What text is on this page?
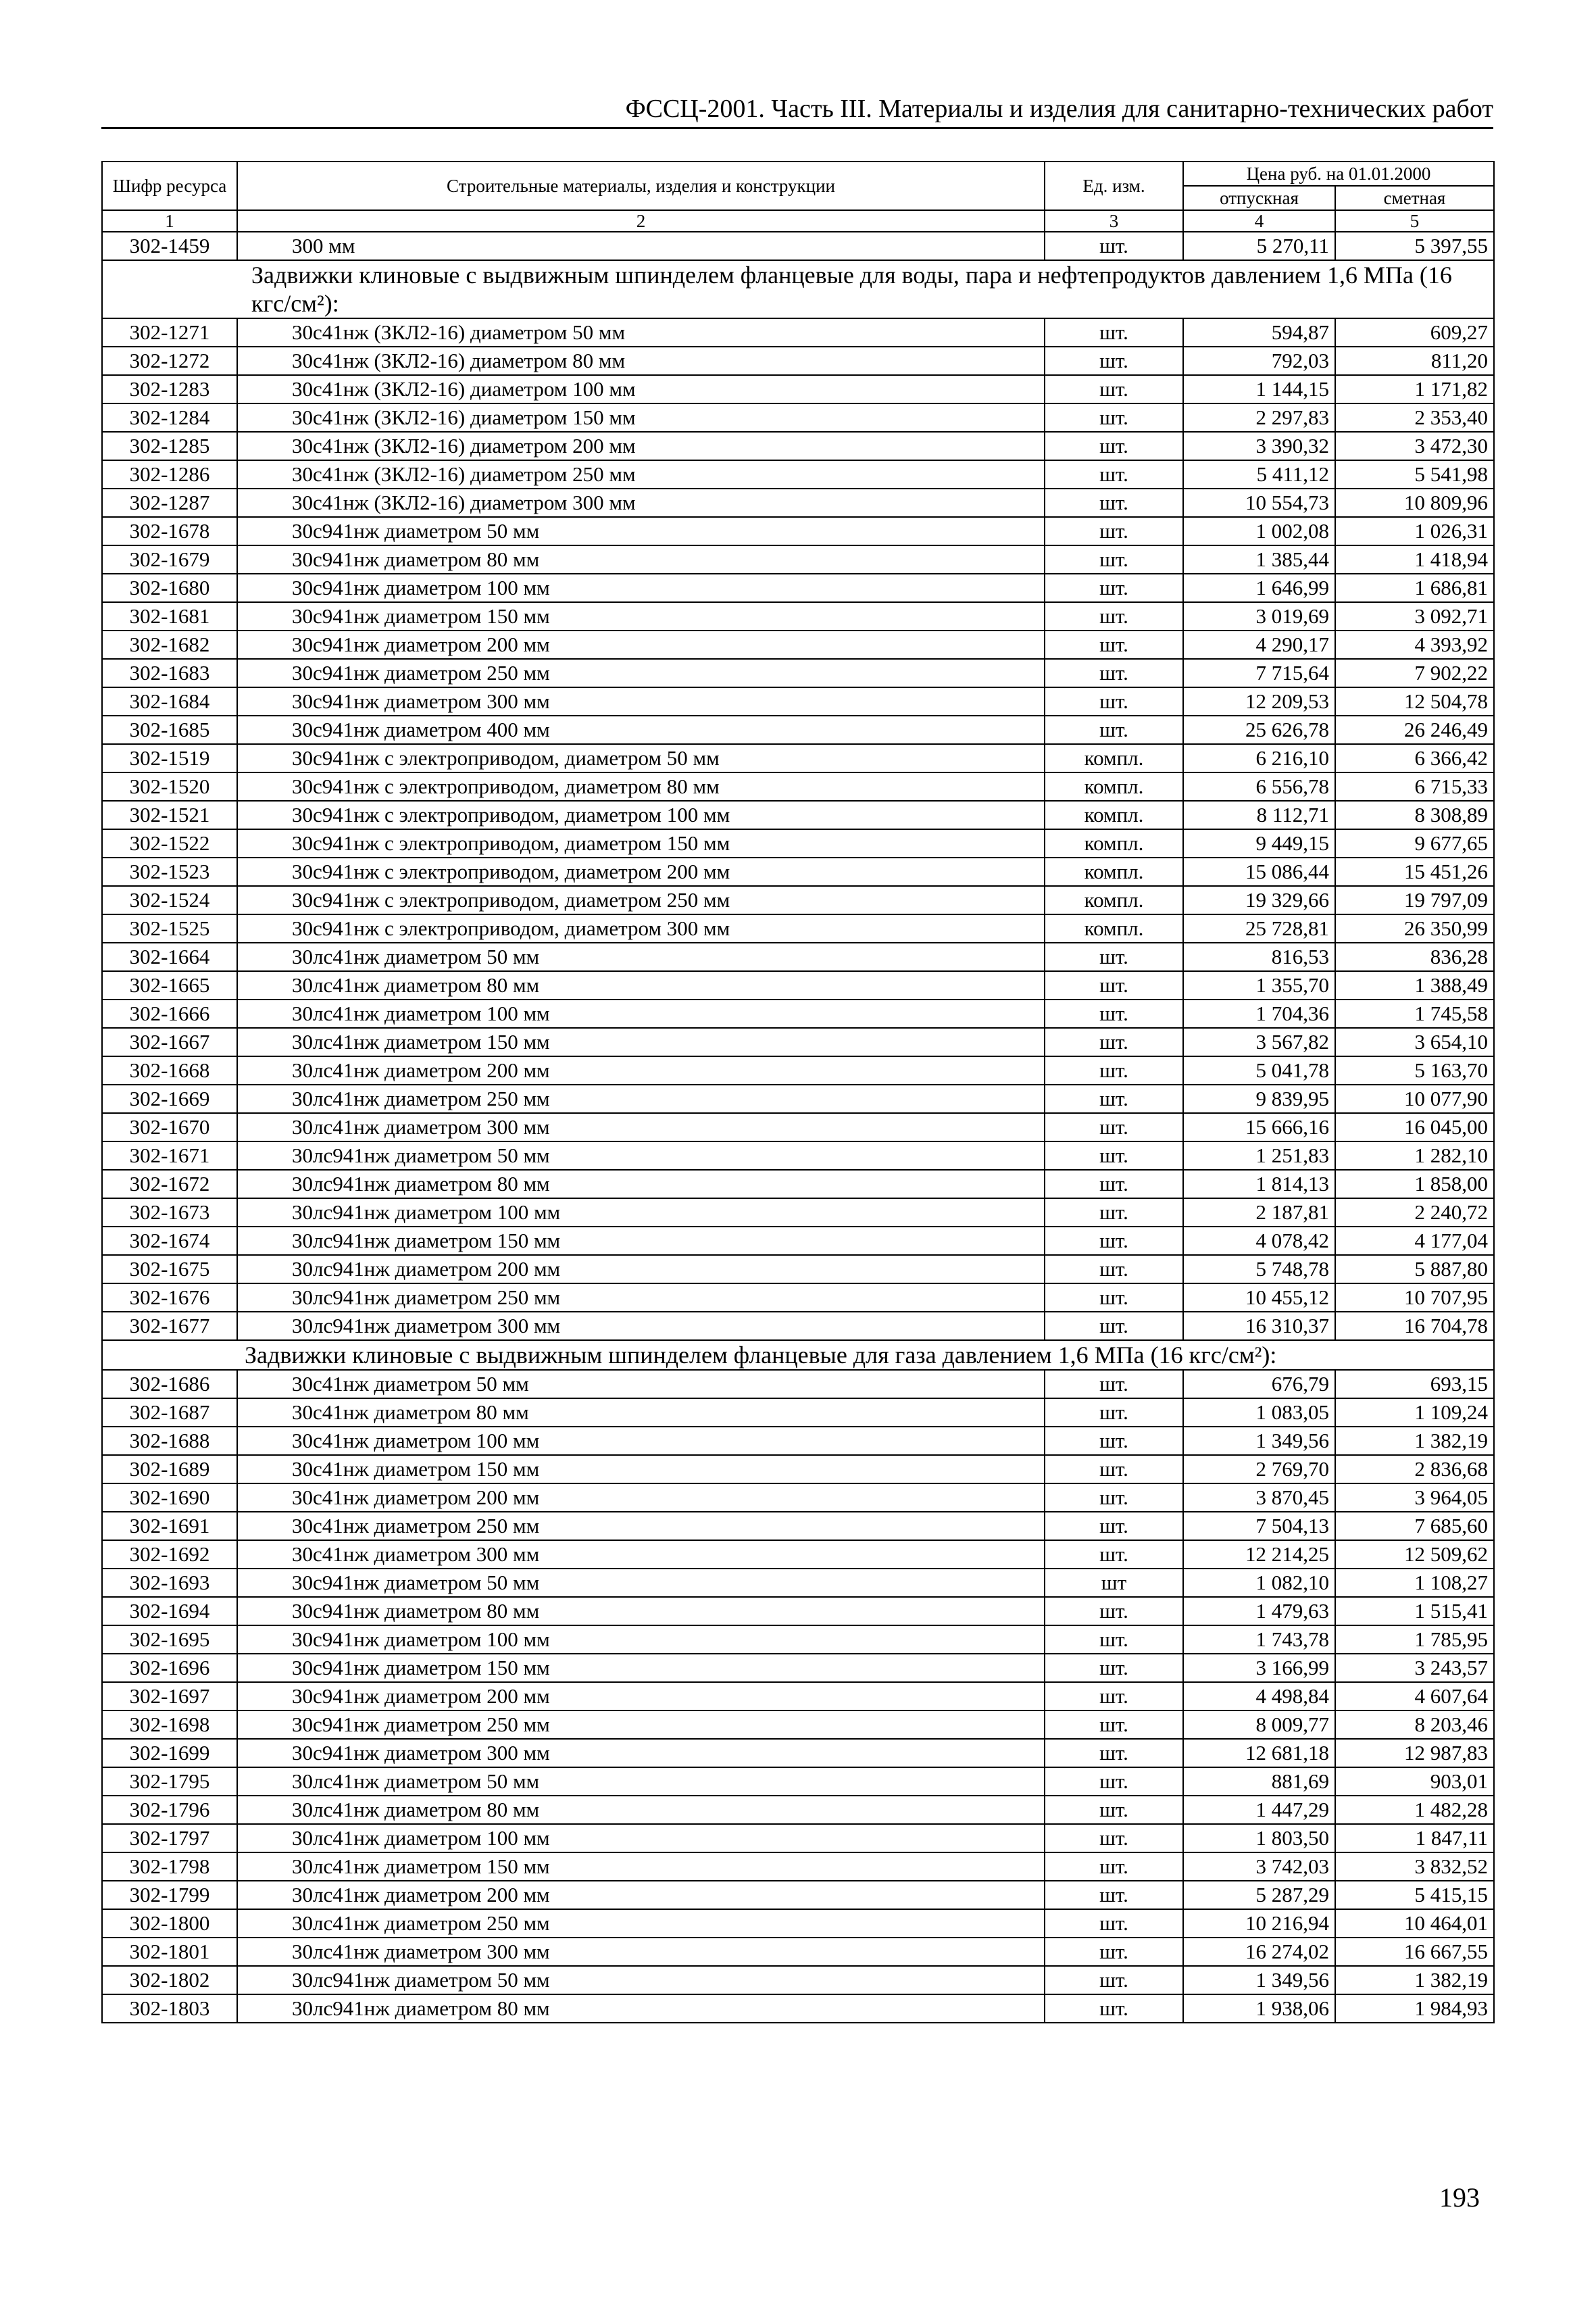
ФССЦ-2001. Часть III. Материалы и изделия для санитарно-технических работ
Шифр ресурса	Строительные материалы, изделия и конструкции	Ед. изм.	Цена руб. на 01.01.2000	
			отпускная	сметная
1	2	3	4	5
302-1459	300 мм	шт.	5 270,11	5 397,55
Задвижки клиновые с выдвижным шпинделем фланцевые для воды, пара и нефтепродуктов давлением 1,6 МПа (16 кгс/см²):				
302-1271	30с41нж (ЗКЛ2-16) диаметром 50 мм	шт.	594,87	609,27
302-1272	30с41нж (ЗКЛ2-16) диаметром 80 мм	шт.	792,03	811,20
302-1283	30с41нж (ЗКЛ2-16) диаметром 100 мм	шт.	1 144,15	1 171,82
302-1284	30с41нж (ЗКЛ2-16) диаметром 150 мм	шт.	2 297,83	2 353,40
302-1285	30с41нж (ЗКЛ2-16) диаметром 200 мм	шт.	3 390,32	3 472,30
302-1286	30с41нж (ЗКЛ2-16) диаметром 250 мм	шт.	5 411,12	5 541,98
302-1287	30с41нж (ЗКЛ2-16) диаметром 300 мм	шт.	10 554,73	10 809,96
302-1678	30с941нж диаметром 50 мм	шт.	1 002,08	1 026,31
302-1679	30с941нж диаметром 80 мм	шт.	1 385,44	1 418,94
302-1680	30с941нж диаметром 100 мм	шт.	1 646,99	1 686,81
302-1681	30с941нж диаметром 150 мм	шт.	3 019,69	3 092,71
302-1682	30с941нж диаметром 200 мм	шт.	4 290,17	4 393,92
302-1683	30с941нж диаметром 250 мм	шт.	7 715,64	7 902,22
302-1684	30с941нж диаметром 300 мм	шт.	12 209,53	12 504,78
302-1685	30с941нж диаметром 400 мм	шт.	25 626,78	26 246,49
302-1519	30с941нж с электроприводом, диаметром 50 мм	компл.	6 216,10	6 366,42
302-1520	30с941нж с электроприводом, диаметром 80 мм	компл.	6 556,78	6 715,33
302-1521	30с941нж с электроприводом, диаметром 100 мм	компл.	8 112,71	8 308,89
302-1522	30с941нж с электроприводом, диаметром 150 мм	компл.	9 449,15	9 677,65
302-1523	30с941нж с электроприводом, диаметром 200 мм	компл.	15 086,44	15 451,26
302-1524	30с941нж с электроприводом, диаметром 250 мм	компл.	19 329,66	19 797,09
302-1525	30с941нж с электроприводом, диаметром 300 мм	компл.	25 728,81	26 350,99
302-1664	30лс41нж диаметром 50 мм	шт.	816,53	836,28
302-1665	30лс41нж диаметром 80 мм	шт.	1 355,70	1 388,49
302-1666	30лс41нж диаметром 100 мм	шт.	1 704,36	1 745,58
302-1667	30лс41нж диаметром 150 мм	шт.	3 567,82	3 654,10
302-1668	30лс41нж диаметром 200 мм	шт.	5 041,78	5 163,70
302-1669	30лс41нж диаметром 250 мм	шт.	9 839,95	10 077,90
302-1670	30лс41нж диаметром 300 мм	шт.	15 666,16	16 045,00
302-1671	30лс941нж диаметром 50 мм	шт.	1 251,83	1 282,10
302-1672	30лс941нж диаметром 80 мм	шт.	1 814,13	1 858,00
302-1673	30лс941нж диаметром 100 мм	шт.	2 187,81	2 240,72
302-1674	30лс941нж диаметром 150 мм	шт.	4 078,42	4 177,04
302-1675	30лс941нж диаметром 200 мм	шт.	5 748,78	5 887,80
302-1676	30лс941нж диаметром 250 мм	шт.	10 455,12	10 707,95
302-1677	30лс941нж диаметром 300 мм	шт.	16 310,37	16 704,78
Задвижки клиновые с выдвижным шпинделем фланцевые для газа давлением 1,6 МПа (16 кгс/см²):				
302-1686	30с41нж диаметром 50 мм	шт.	676,79	693,15
302-1687	30с41нж диаметром 80 мм	шт.	1 083,05	1 109,24
302-1688	30с41нж диаметром 100 мм	шт.	1 349,56	1 382,19
302-1689	30с41нж диаметром 150 мм	шт.	2 769,70	2 836,68
302-1690	30с41нж диаметром 200 мм	шт.	3 870,45	3 964,05
302-1691	30с41нж диаметром 250 мм	шт.	7 504,13	7 685,60
302-1692	30с41нж диаметром 300 мм	шт.	12 214,25	12 509,62
302-1693	30с941нж диаметром 50 мм	шт	1 082,10	1 108,27
302-1694	30с941нж диаметром 80 мм	шт.	1 479,63	1 515,41
302-1695	30с941нж диаметром 100 мм	шт.	1 743,78	1 785,95
302-1696	30с941нж диаметром 150 мм	шт.	3 166,99	3 243,57
302-1697	30с941нж диаметром 200 мм	шт.	4 498,84	4 607,64
302-1698	30с941нж диаметром 250 мм	шт.	8 009,77	8 203,46
302-1699	30с941нж диаметром 300 мм	шт.	12 681,18	12 987,83
302-1795	30лс41нж диаметром 50 мм	шт.	881,69	903,01
302-1796	30лс41нж диаметром 80 мм	шт.	1 447,29	1 482,28
302-1797	30лс41нж диаметром 100 мм	шт.	1 803,50	1 847,11
302-1798	30лс41нж диаметром 150 мм	шт.	3 742,03	3 832,52
302-1799	30лс41нж диаметром 200 мм	шт.	5 287,29	5 415,15
302-1800	30лс41нж диаметром 250 мм	шт.	10 216,94	10 464,01
302-1801	30лс41нж диаметром 300 мм	шт.	16 274,02	16 667,55
302-1802	30лс941нж диаметром 50 мм	шт.	1 349,56	1 382,19
302-1803	30лс941нж диаметром 80 мм	шт.	1 938,06	1 984,93
193
